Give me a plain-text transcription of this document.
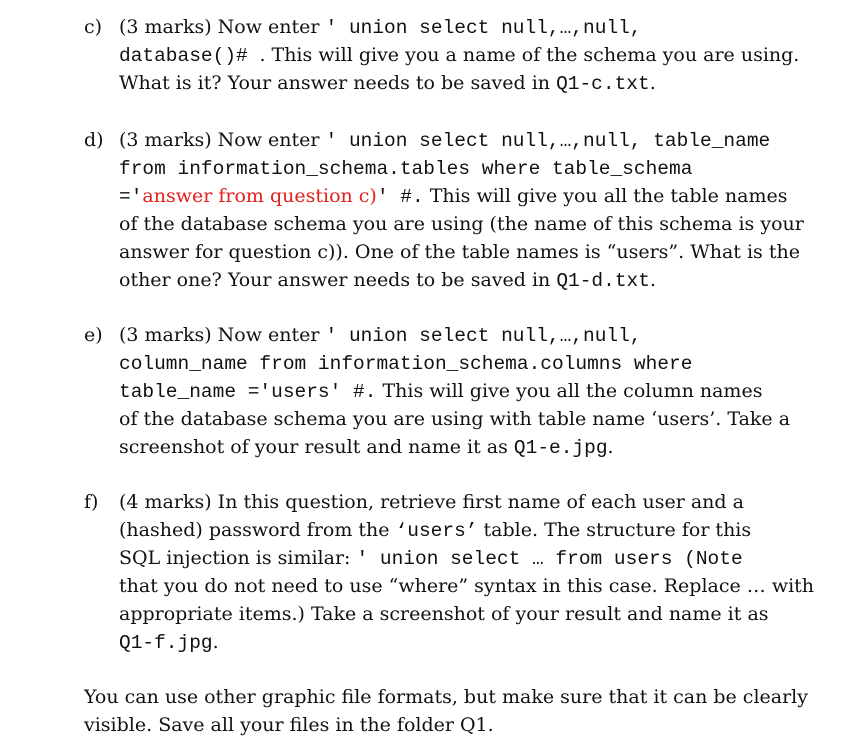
c) (3 marks) Now enter ' union select null,…,null,
database()# . This will give you a name of the schema you are using.
What is it? Your answer needs to be saved in Q1-c.txt.
d) (3 marks) Now enter ' union select null,…,null, table_name
from information_schema.tables where table_schema
='answer from question c)' #. This will give you all the table names
of the database schema you are using (the name of this schema is your
answer for question c)). One of the table names is “users”. What is the
other one? Your answer needs to be saved in Q1-d.txt.
e) (3 marks) Now enter ' union select null,…,null,
column_name from information_schema.columns where
table_name ='users' #. This will give you all the column names
of the database schema you are using with table name ‘users’. Take a
screenshot of your result and name it as Q1-e.jpg.
f)	(4 marks) In this question, retrieve first name of each user and a
(hashed) password from the ‘users’ table. The structure for this
SQL injection is similar: ' union select … from users (Note
that you do not need to use “where” syntax in this case. Replace … with
appropriate items.) Take a screenshot of your result and name it as
Q1-f.jpg.
You can use other graphic file formats, but make sure that it can be clearly
visible. Save all your files in the folder Q1.
